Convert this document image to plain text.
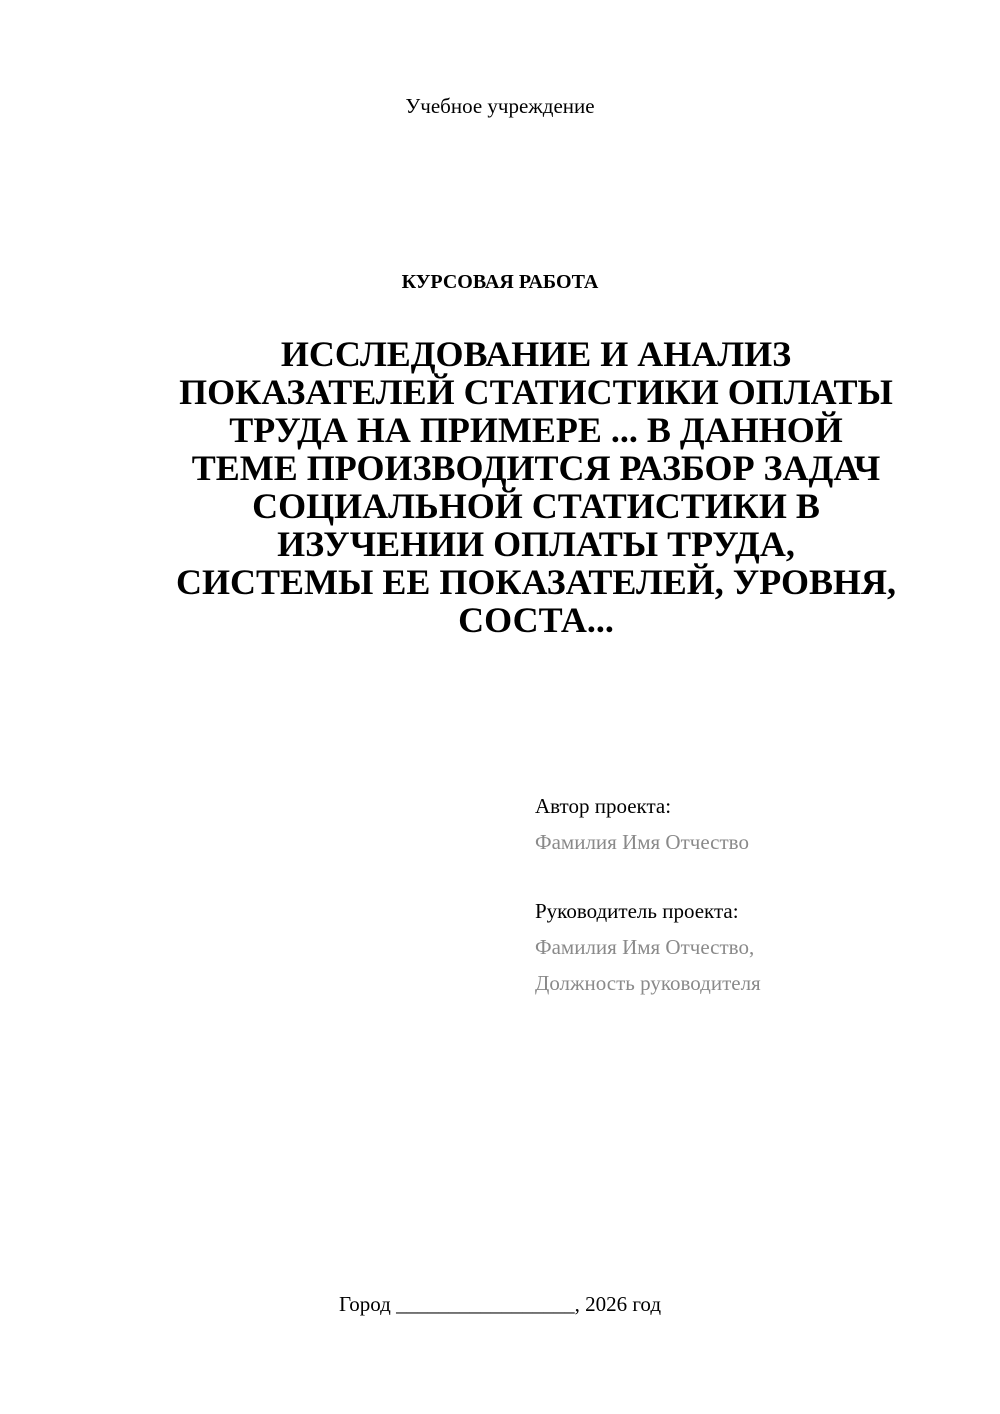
Учебное учреждение
КУРСОВАЯ РАБОТА
ИССЛЕДОВАНИЕ И АНАЛИЗ
ПОКАЗАТЕЛЕЙ СТАТИСТИКИ ОПЛАТЫ
ТРУДА НА ПРИМЕРЕ ... В ДАННОЙ
ТЕМЕ ПРОИЗВОДИТСЯ РАЗБОР ЗАДАЧ
СОЦИАЛЬНОЙ СТАТИСТИКИ В
ИЗУЧЕНИИ ОПЛАТЫ ТРУДА,
СИСТЕМЫ ЕЕ ПОКАЗАТЕЛЕЙ, УРОВНЯ,
СОСТА...
Автор проекта:
Фамилия Имя Отчество
Руководитель проекта:
Фамилия Имя Отчество,
Должность руководителя
Город _________________, 2026 год
